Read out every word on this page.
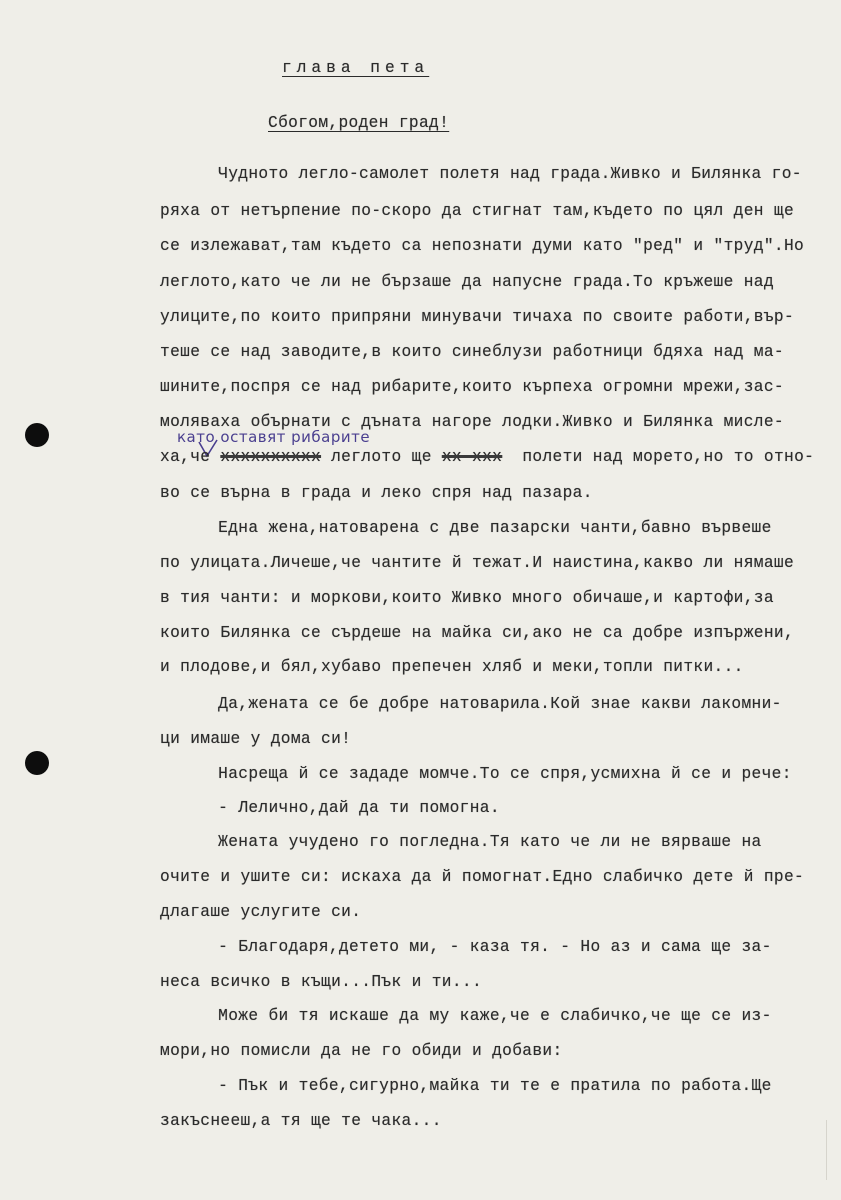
глава пета
Сбогом,роден град!
Чудното легло-самолет полетя над града.Живко и Билянка го-
ряха от нетърпение по-скоро да стигнат там,където по цял ден ще
се излежават,там където са непознати думи като "ред" и "труд".Но
леглото,като че ли не бързаше да напусне града.То кръжеше над
улиците,по които припряни минувачи тичаха по своите работи,вър-
теше се над заводите,в които синеблузи работници бдяха над ма-
шините,поспря се над рибарите,които кърпеха огромни мрежи,зас-
моляваха обърнати с дъната нагоре лодки.Живко и Билянка мисле-
като оставят рибарите
ха,че xxxxxxxxxx леглото ще xx xxx  полети над морето,но то отно-
во се върна в града и леко спря над пазара.
Една жена,натоварена с две пазарски чанти,бавно вървеше
по улицата.Личеше,че чантите й тежат.И наистина,какво ли нямаше
в тия чанти: и моркови,които Живко много обичаше,и картофи,за
които Билянка се сърдеше на майка си,ако не са добре изпържени,
и плодове,и бял,хубаво препечен хляб и меки,топли питки...
Да,жената се бе добре натоварила.Кой знае какви лакомни-
ци имаше у дома си!
Насреща й се зададе момче.То се спря,усмихна й се и рече:
- Лелично,дай да ти помогна.
Жената учудено го погледна.Тя като че ли не вярваше на
очите и ушите си: искаха да й помогнат.Едно слабичко дете й пре-
длагаше услугите си.
- Благодаря,детето ми, - каза тя. - Но аз и сама ще за-
неса всичко в къщи...Пък и ти...
Може би тя искаше да му каже,че е слабичко,че ще се из-
мори,но помисли да не го обиди и добави:
- Пък и тебе,сигурно,майка ти те е пратила по работа.Ще
закъснееш,а тя ще те чака...
